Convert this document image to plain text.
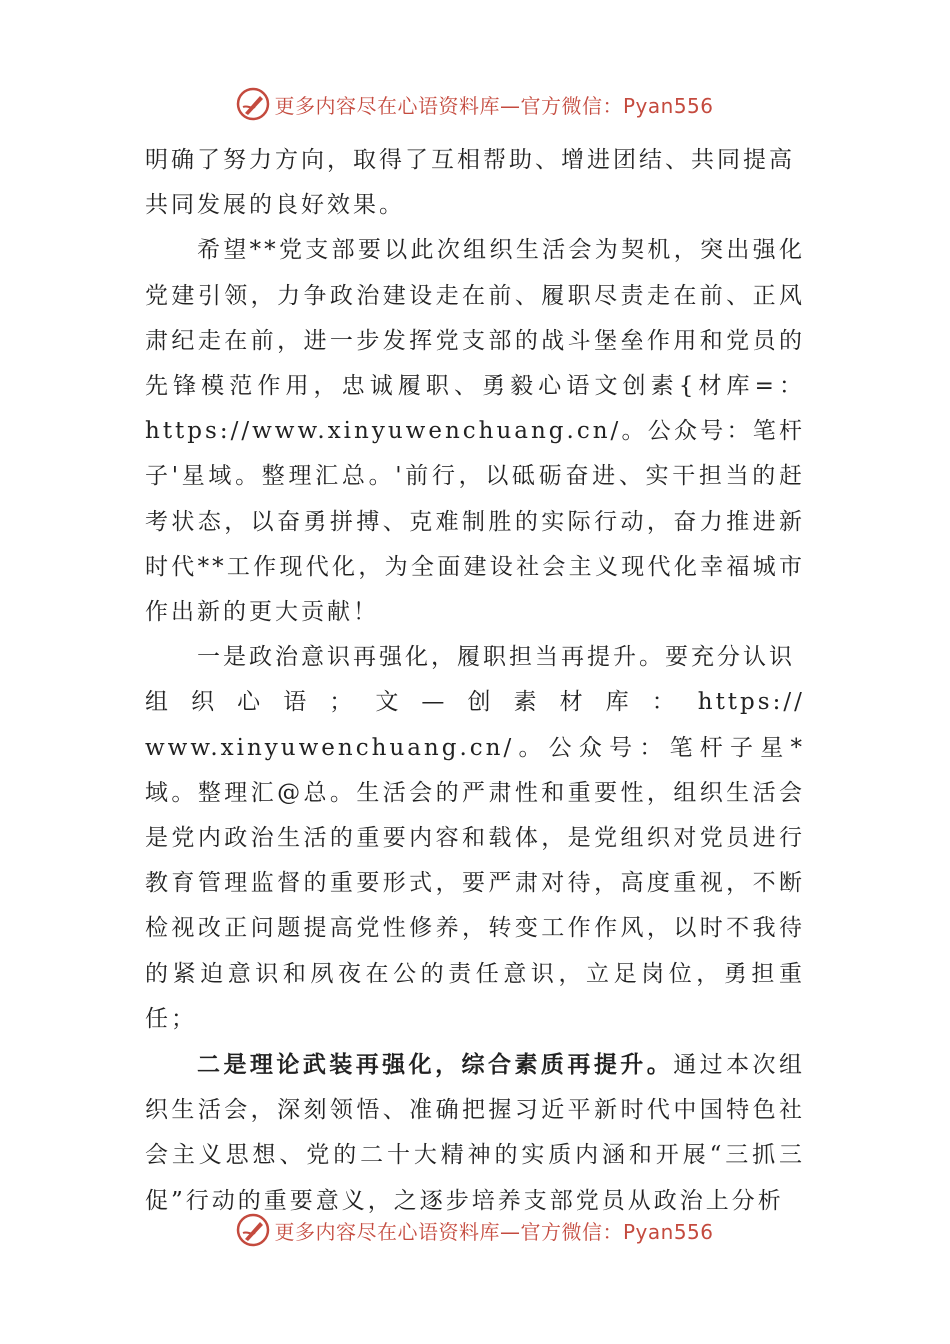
更多内容尽在心语资料库—官方微信：Pyan556

明确了努力方向，取得了互相帮助、增进团结、共同提高
共同发展的良好效果。

希望**党支部要以此次组织生活会为契机，突出强化党建引领，力争政治建设走在前、履职尽责走在前、正风肃纪走在前，进一步发挥党支部的战斗堡垒作用和党员的先锋模范作用，忠诚履职、勇毅心语文创素{材库=：https://www.xinyuwenchuang.cn/。公众号：笔杆子'星域。整理汇总。'前行，以砥砺奋进、实干担当的赶考状态，以奋勇拼搏、克难制胜的实际行动，奋力推进新时代**工作现代化，为全面建设社会主义现代化幸福城市作出新的更大贡献！

一是政治意识再强化，履职担当再提升。要充分认识

组 织 心 语 ； 文 — 创 素 材 库 ： https://

www.xinyuwenchuang.cn/。公众号：笔杆子星*域。整理汇@总。生活会的严肃性和重要性，组织生活会是党内政治生活的重要内容和载体，是党组织对党员进行教育管理监督的重要形式，要严肃对待，高度重视，不断检视改正问题提高党性修养，转变工作作风，以时不我待的紧迫意识和夙夜在公的责任意识，立足岗位，勇担重任；

二是理论武装再强化，综合素质再提升。通过本次组织生活会，深刻领悟、准确把握习近平新时代中国特色社会主义思想、党的二十大精神的实质内涵和开展“三抓三促”行动的重要意义，之逐步培养支部党员从政治上分析

更多内容尽在心语资料库—官方微信：Pyan556
